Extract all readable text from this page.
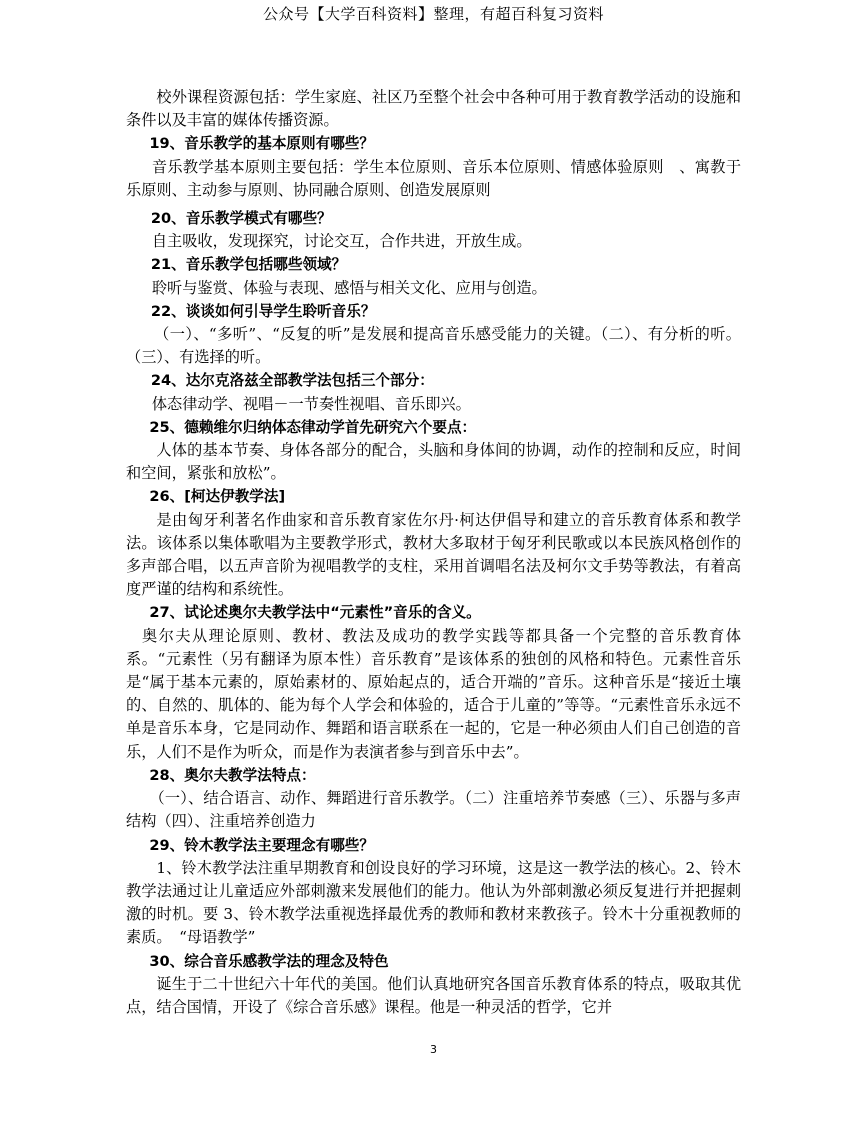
公众号【大学百科资料】整理，有超百科复习资料

校外课程资源包括：学生家庭、社区乃至整个社会中各种可用于教育教学活动的设施和条件以及丰富的媒体传播资源。

19、音乐教学的基本原则有哪些？

音乐教学基本原则主要包括：学生本位原则、音乐本位原则、情感体验原则　、寓教于乐原则、主动参与原则、协同融合原则、创造发展原则

20、音乐教学模式有哪些？

自主吸收，发现探究，讨论交互，合作共进，开放生成。

21、音乐教学包括哪些领域？

聆听与鉴赏、体验与表现、感悟与相关文化、应用与创造。

22、谈谈如何引导学生聆听音乐？

（一）、“多听”、“反复的听”是发展和提高音乐感受能力的关键。（二）、有分析的听。（三）、有选择的听。

24、达尔克洛兹全部教学法包括三个部分：

体态律动学、视唱－一节奏性视唱、音乐即兴。

25、德赖维尔归纳体态律动学首先研究六个要点：

人体的基本节奏、身体各部分的配合，头脑和身体间的协调，动作的控制和反应，时间和空间，紧张和放松”。

26、[柯达伊教学法]

是由匈牙利著名作曲家和音乐教育家佐尔丹·柯达伊倡导和建立的音乐教育体系和教学法。该体系以集体歌唱为主要教学形式，教材大多取材于匈牙利民歌或以本民族风格创作的多声部合唱，以五声音阶为视唱教学的支柱，采用首调唱名法及柯尔文手势等教法，有着高度严谨的结构和系统性。

27、试论述奥尔夫教学法中“元素性”音乐的含义。

奥尔夫从理论原则、教材、教法及成功的教学实践等都具备一个完整的音乐教育体系。“元素性（另有翻译为原本性）音乐教育”是该体系的独创的风格和特色。元素性音乐是“属于基本元素的，原始素材的、原始起点的，适合开端的”音乐。这种音乐是“接近土壤的、自然的、肌体的、能为每个人学会和体验的，适合于儿童的”等等。“元素性音乐永远不单是音乐本身，它是同动作、舞蹈和语言联系在一起的，它是一种必须由人们自己创造的音乐，人们不是作为听众，而是作为表演者参与到音乐中去”。

28、奥尔夫教学法特点：

（一）、结合语言、动作、舞蹈进行音乐教学。（二）注重培养节奏感（三）、乐器与多声结构（四）、注重培养创造力

29、铃木教学法主要理念有哪些？

1、铃木教学法注重早期教育和创设良好的学习环境，这是这一教学法的核心。2、铃木教学法通过让儿童适应外部刺激来发展他们的能力。他认为外部刺激必须反复进行并把握刺激的时机。要 3、铃木教学法重视选择最优秀的教师和教材来教孩子。铃木十分重视教师的素质。　“母语教学”

30、综合音乐感教学法的理念及特色

诞生于二十世纪六十年代的美国。他们认真地研究各国音乐教育体系的特点，吸取其优点，结合国情，开设了《综合音乐感》课程。他是一种灵活的哲学，它并

3
